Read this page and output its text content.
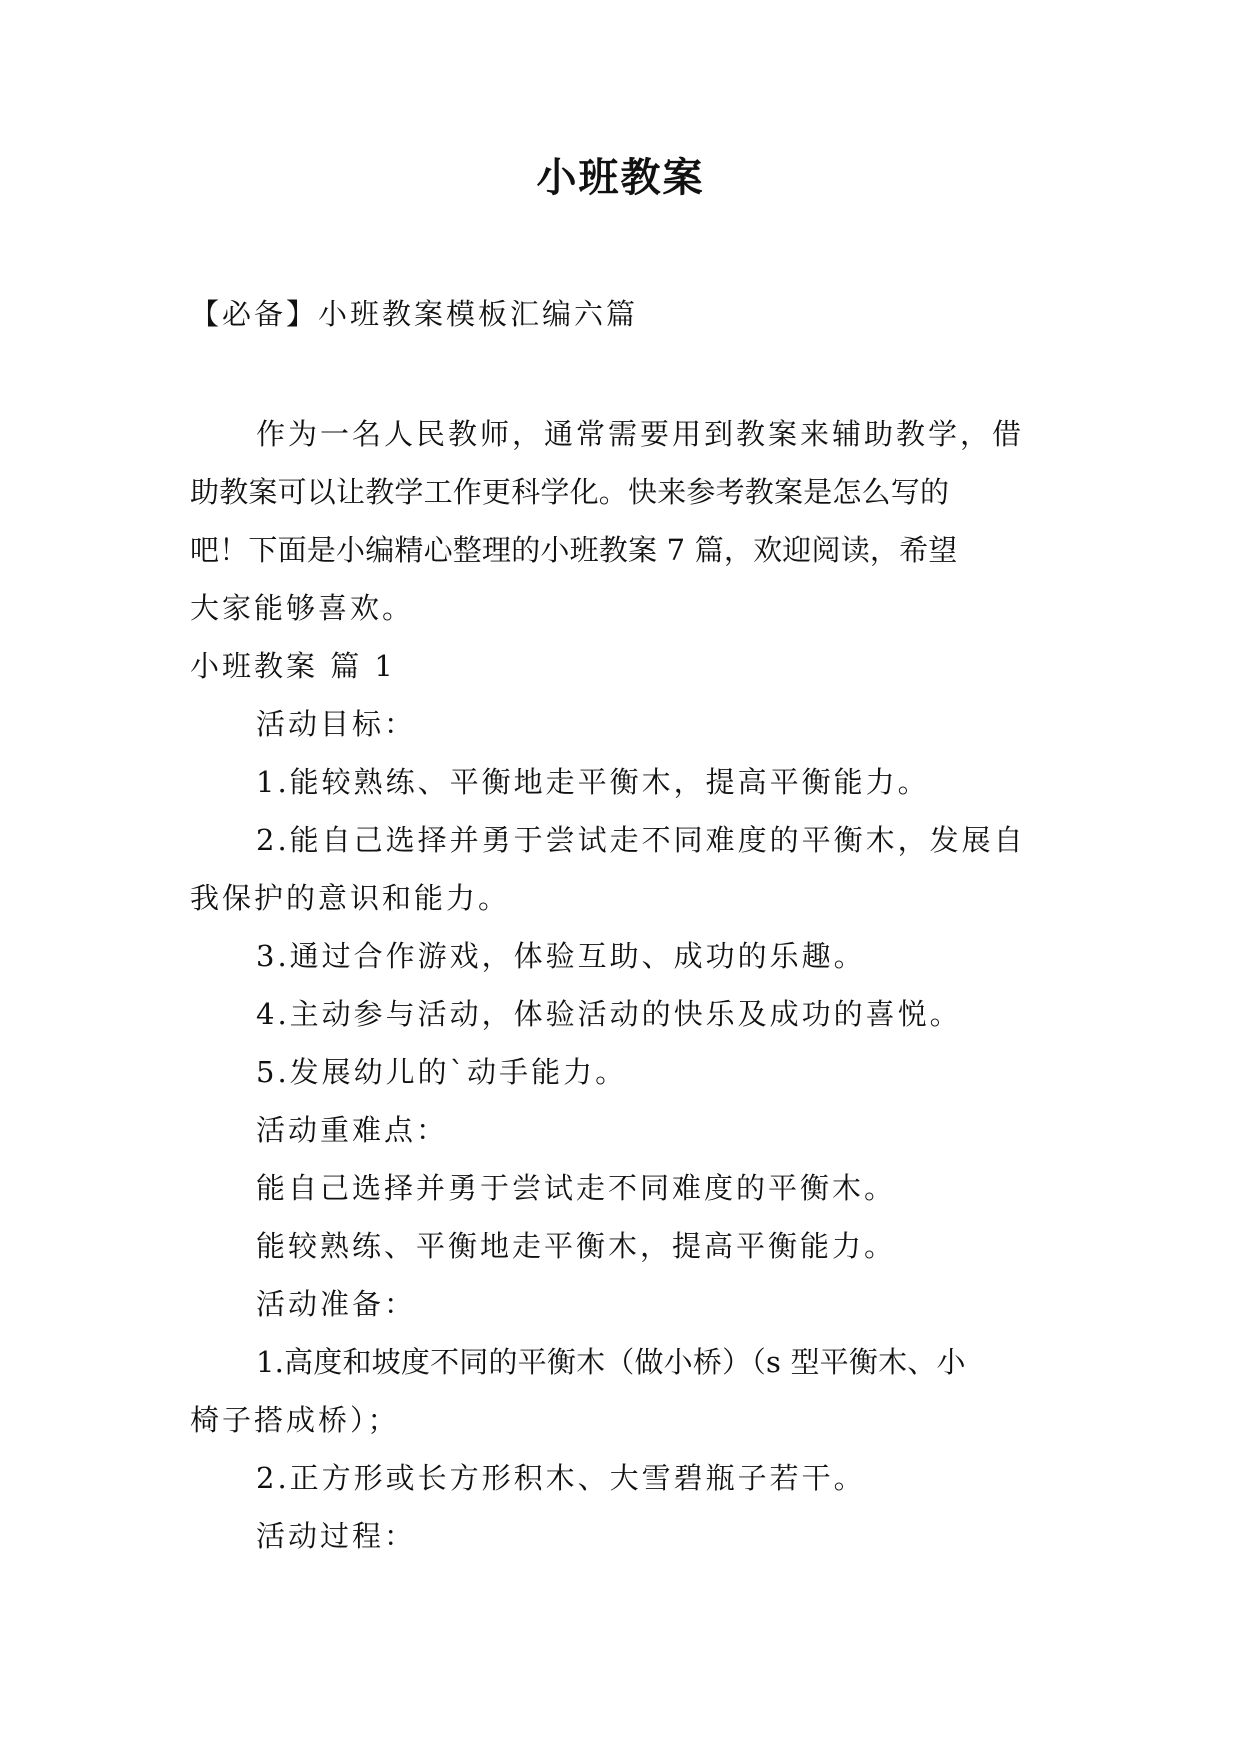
小班教案
【必备】小班教案模板汇编六篇
作为一名人民教师，通常需要用到教案来辅助教学，借
助教案可以让教学工作更科学化。快来参考教案是怎么写的
吧！下面是小编精心整理的小班教案 7 篇，欢迎阅读，希望
大家能够喜欢。
小班教案 篇 1
活动目标：
1.能较熟练、平衡地走平衡木，提高平衡能力。
2.能自己选择并勇于尝试走不同难度的平衡木，发展自
我保护的意识和能力。
3.通过合作游戏，体验互助、成功的乐趣。
4.主动参与活动，体验活动的快乐及成功的喜悦。
5.发展幼儿的`动手能力。
活动重难点：
能自己选择并勇于尝试走不同难度的平衡木。
能较熟练、平衡地走平衡木，提高平衡能力。
活动准备：
1.高度和坡度不同的平衡木（做小桥）（s 型平衡木、小
椅子搭成桥）；
2.正方形或长方形积木、大雪碧瓶子若干。
活动过程：
